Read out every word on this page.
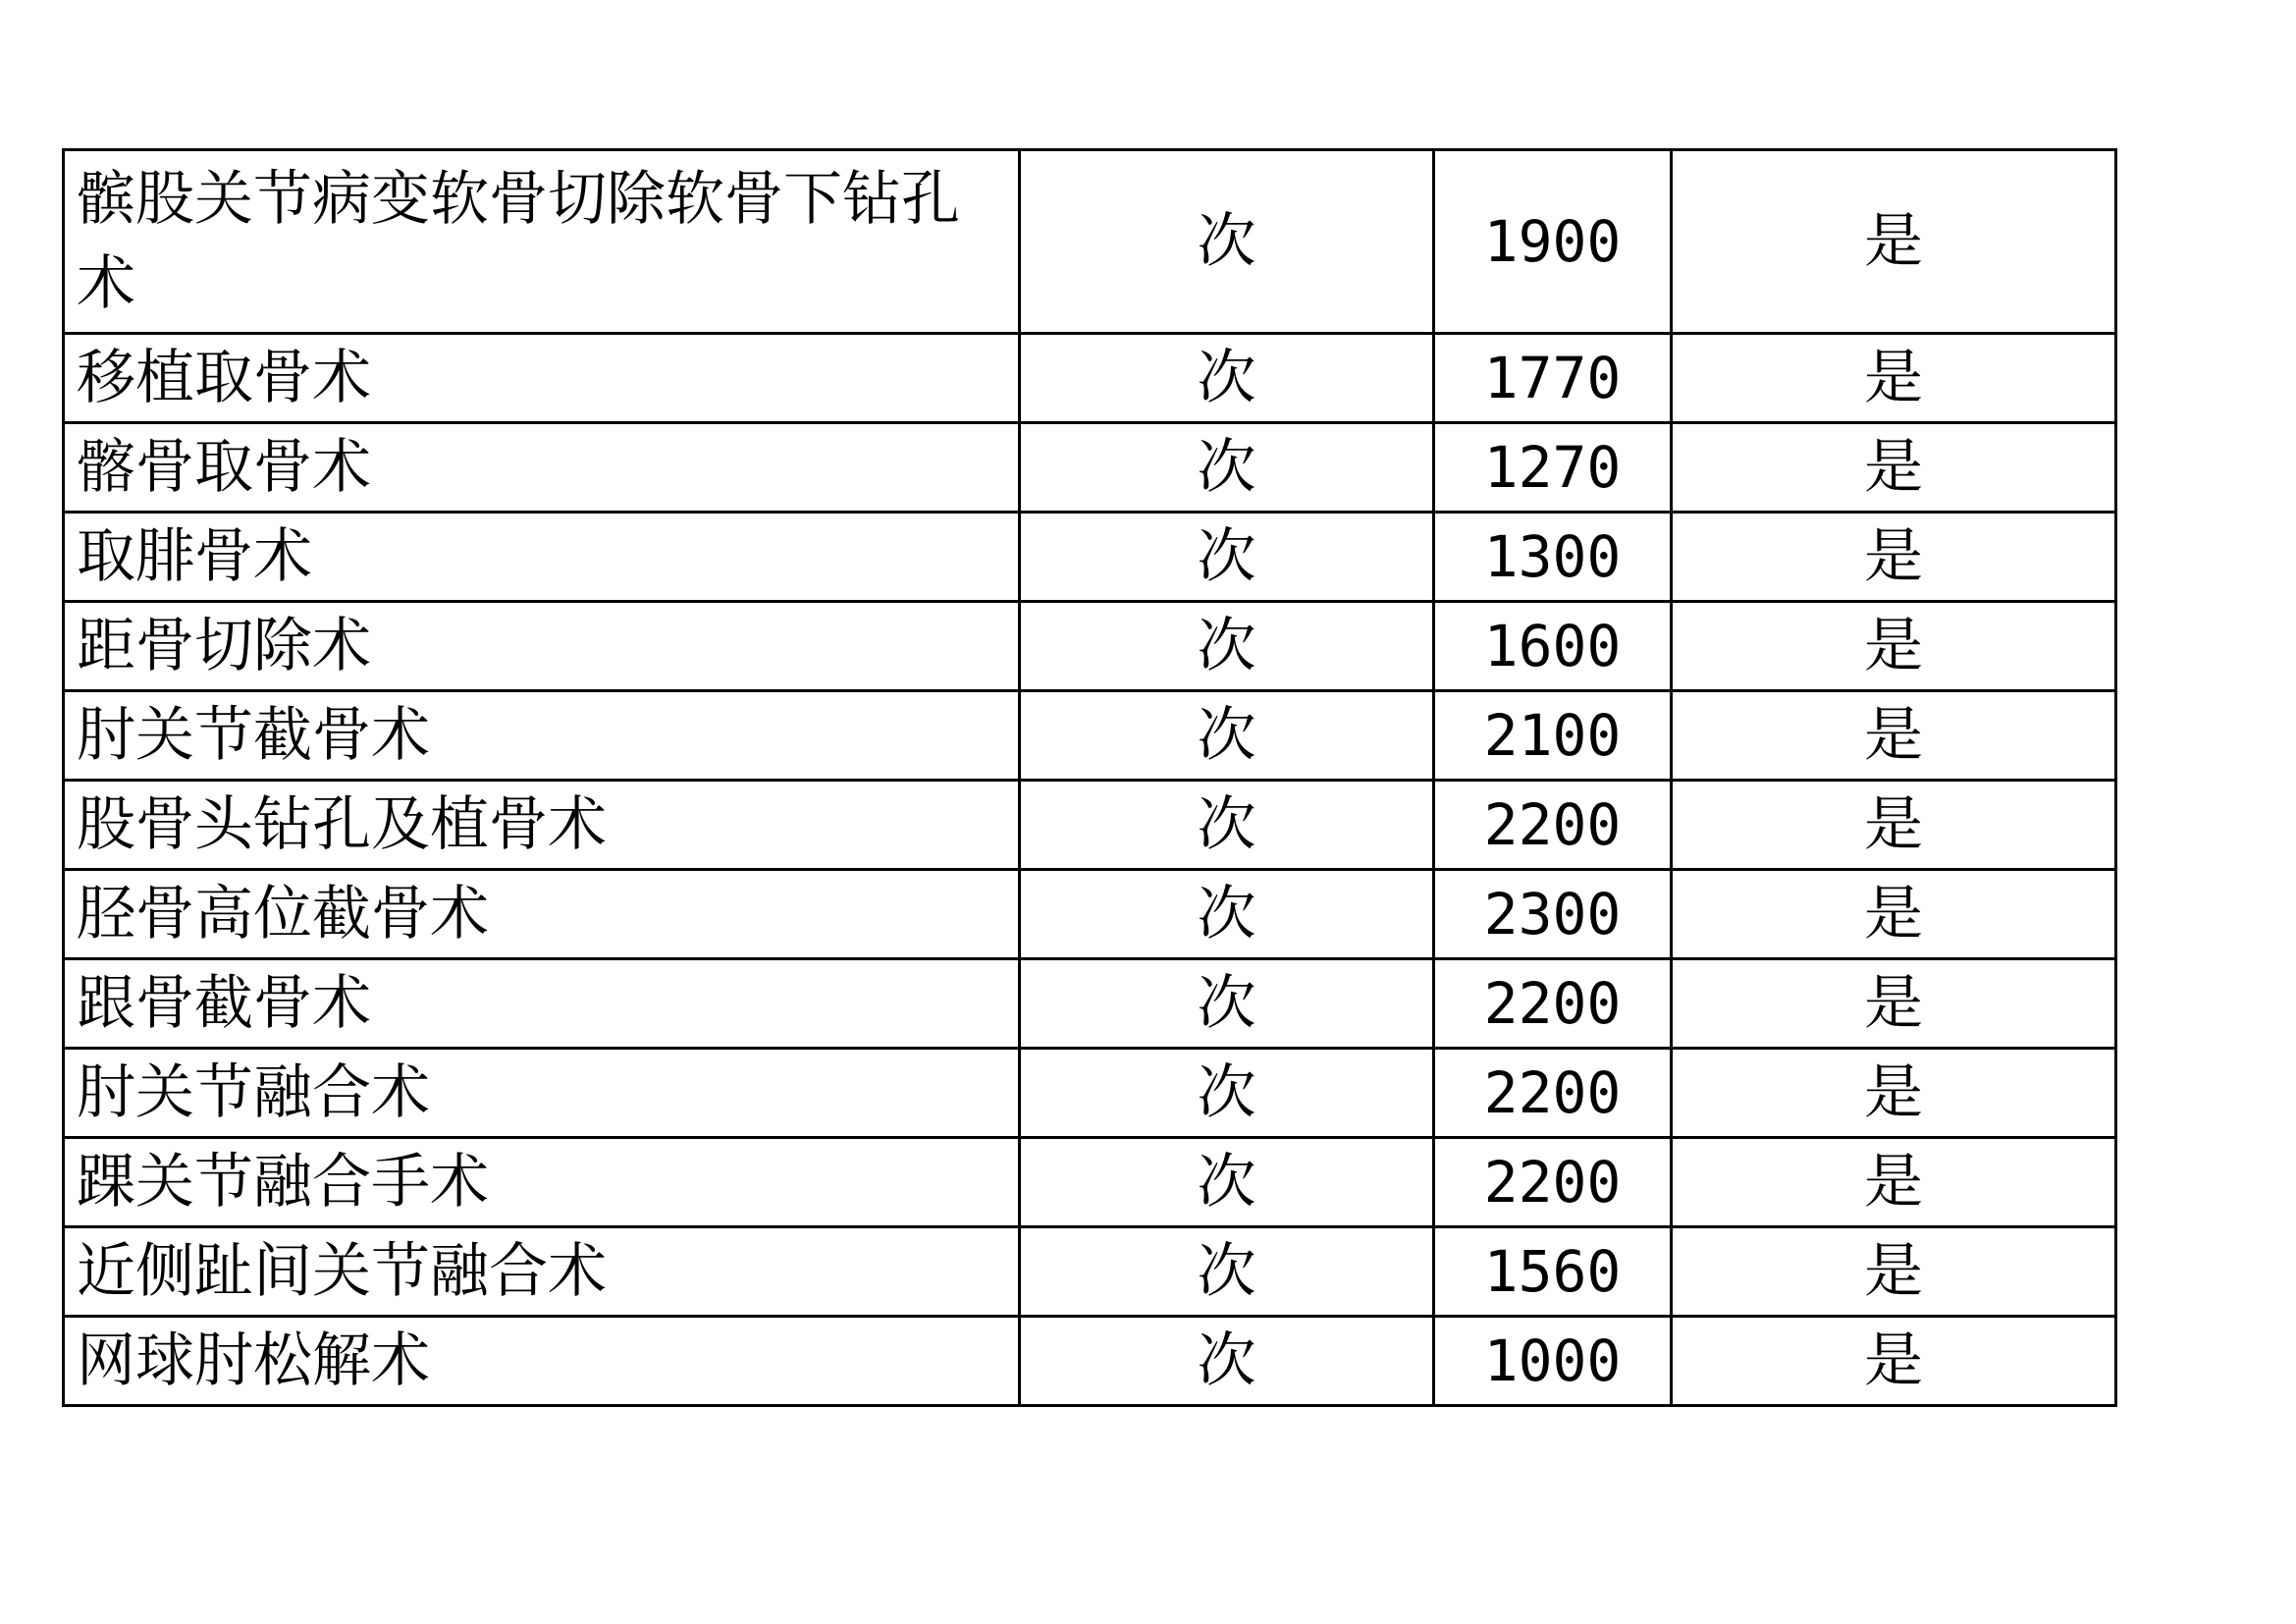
髌股关节病变软骨切除软骨下钻孔术	次	1900	是
移植取骨术	次	1770	是
髂骨取骨术	次	1270	是
取腓骨术	次	1300	是
距骨切除术	次	1600	是
肘关节截骨术	次	2100	是
股骨头钻孔及植骨术	次	2200	是
胫骨高位截骨术	次	2300	是
跟骨截骨术	次	2200	是
肘关节融合术	次	2200	是
踝关节融合手术	次	2200	是
近侧趾间关节融合术	次	1560	是
网球肘松解术	次	1000	是
